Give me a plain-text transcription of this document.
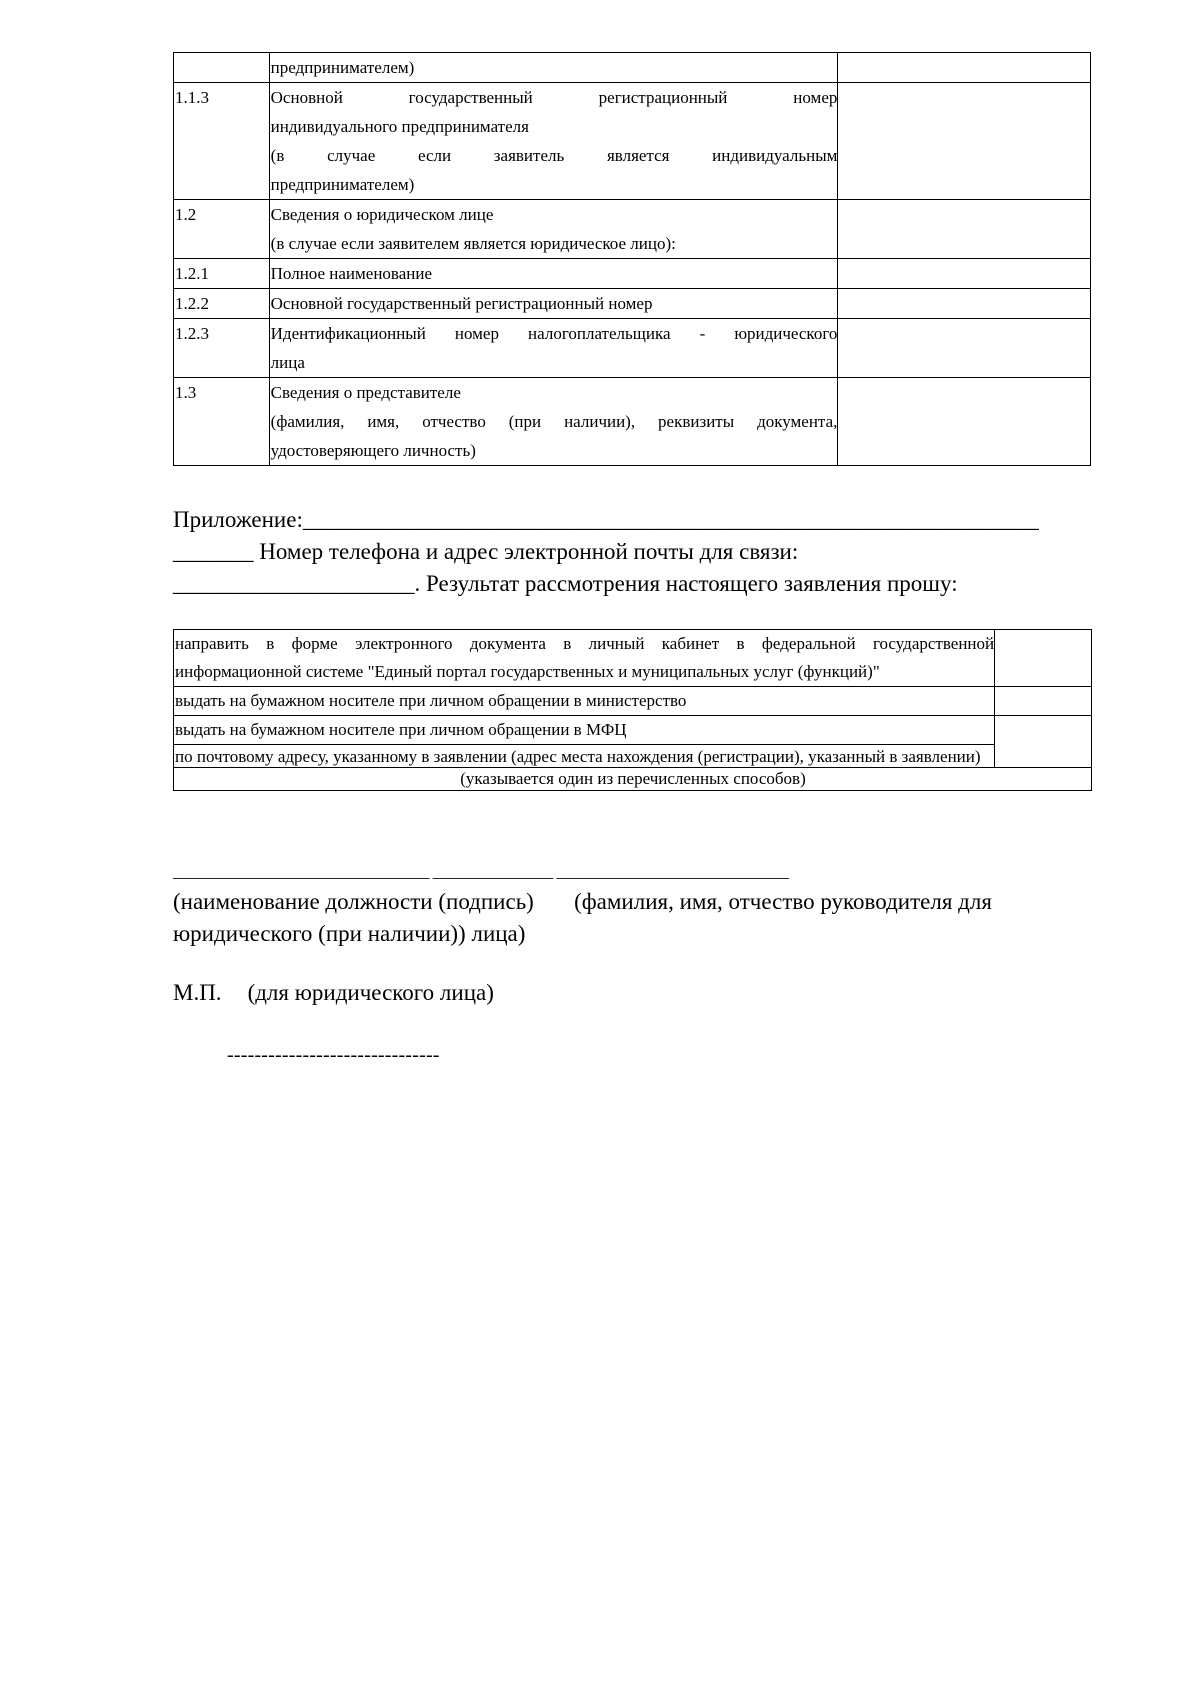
	предпринимателем)	

1.1.3	Основной государственный регистрационный номер
индивидуального предпринимателя
(в случае если заявитель является индивидуальным
предпринимателем)	

1.2	Сведения о юридическом лице
(в случае если заявителем является юридическое лицо):	

1.2.1	Полное наименование	

1.2.2	Основной государственный регистрационный номер	

1.2.3	Идентификационный номер налогоплательщика - юридического
лица	

1.3	Сведения о представителе
(фамилия, имя, отчество (при наличии), реквизиты документа,
удостоверяющего личность)	

Приложение:________________________________________________________________
_______ Номер телефона и адрес электронной почты для связи:
_____________________. Результат рассмотрения настоящего заявления прошу:
направить в форме электронного документа в личный кабинет в федеральной государственной
информационной системе "Единый портал государственных и муниципальных услуг (функций)"	

выдать на бумажном носителе при личном обращении в министерство	
выдать на бумажном носителе при личном обращении в МФЦ	
по почтовому адресу, указанному в заявлении (адрес места нахождения (регистрации), указанный в заявлении)	
(указывается один из перечисленных способов)	
________________________________ _______________ _____________________________
(наименование должности (подпись)       (фамилия, имя, отчество руководителя для
юридического (при наличии)) лица)
М.П. (для юридического лица)
-------------------------------
